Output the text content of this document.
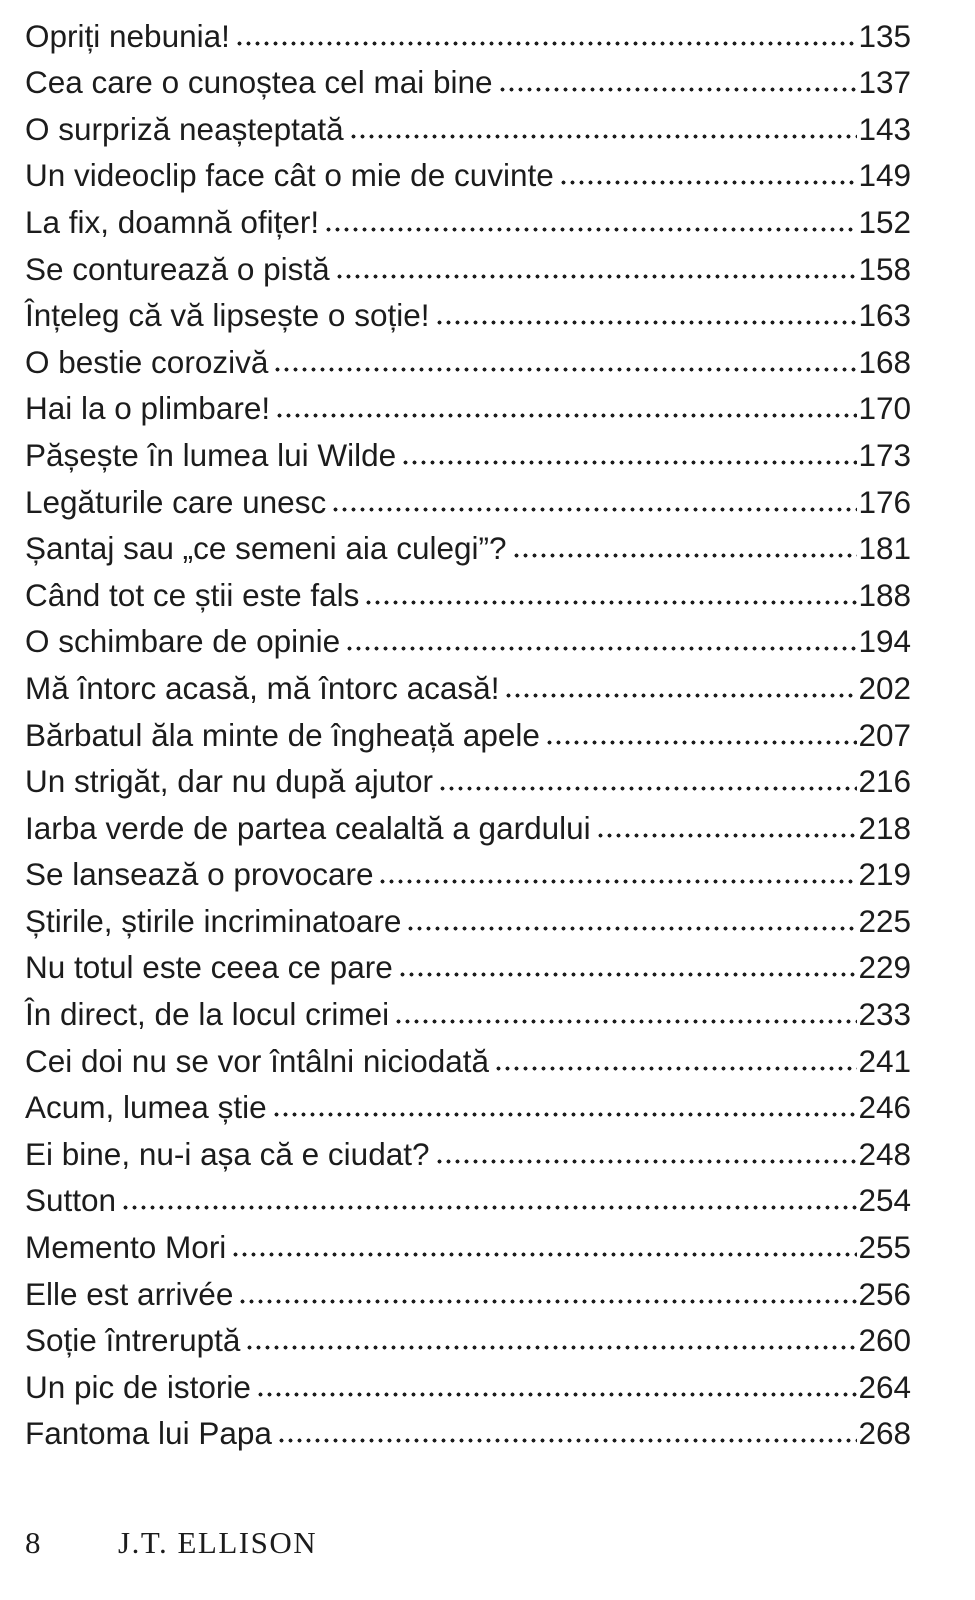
Opriți nebunia!	135
Cea care o cunoștea cel mai bine	137
O surpriză neașteptată	143
Un videoclip face cât o mie de cuvinte	149
La fix, doamnă ofițer!	152
Se conturează o pistă	158
Înțeleg că vă lipsește o soție!	163
O bestie corozivă	168
Hai la o plimbare!	170
Pășește în lumea lui Wilde	173
Legăturile care unesc	176
Șantaj sau „ce semeni aia culegi”?	181
Când tot ce știi este fals	188
O schimbare de opinie	194
Mă întorc acasă, mă întorc acasă!	202
Bărbatul ăla minte de îngheață apele	207
Un strigăt, dar nu după ajutor	216
Iarba verde de partea cealaltă a gardului	218
Se lansează o provocare	219
Știrile, știrile incriminatoare	225
Nu totul este ceea ce pare	229
În direct, de la locul crimei	233
Cei doi nu se vor întâlni niciodată	241
Acum, lumea știe	246
Ei bine, nu-i așa că e ciudat?	248
Sutton	254
Memento Mori	255
Elle est arrivée	256
Soție întreruptă	260
Un pic de istorie	264
Fantoma lui Papa	268
8	J.T. ELLISON
